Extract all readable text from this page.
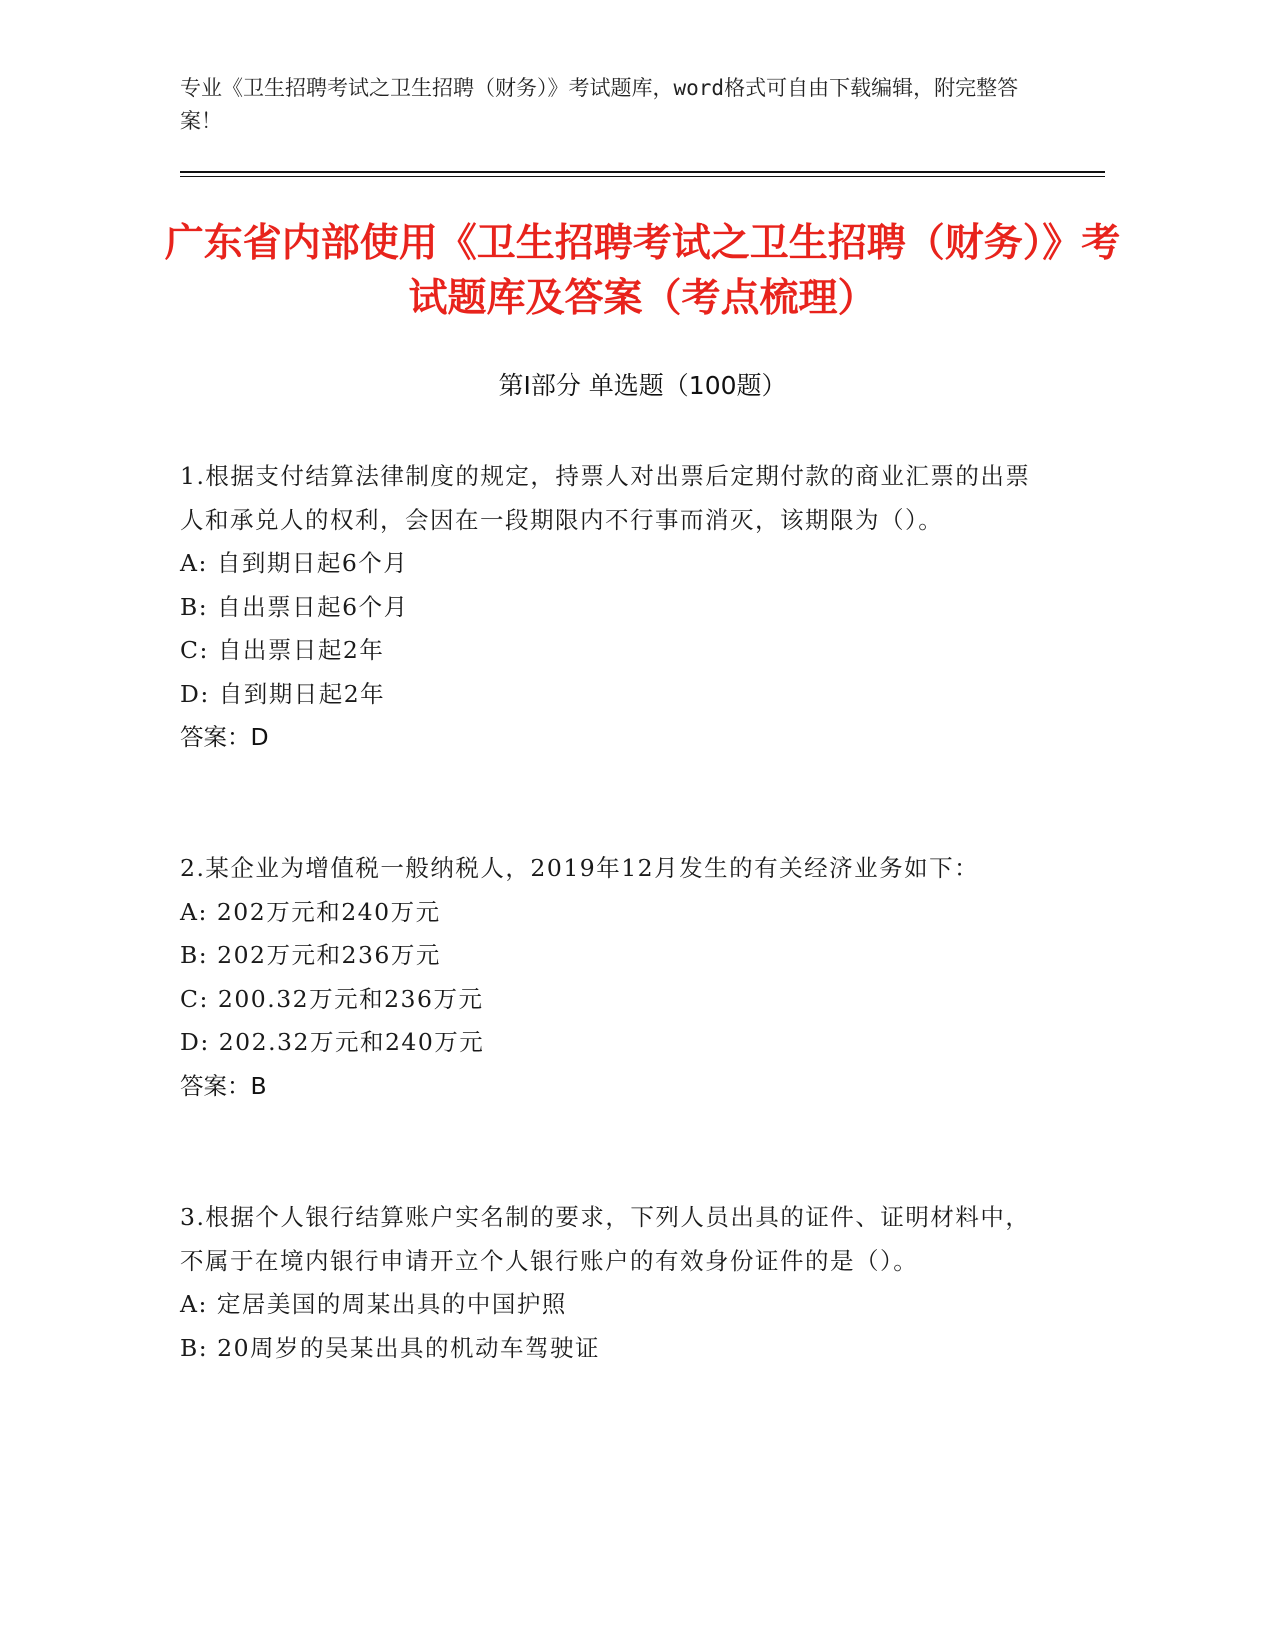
专业《卫生招聘考试之卫生招聘（财务）》考试题库，word格式可自由下载编辑，附完整答案！
广东省内部使用《卫生招聘考试之卫生招聘（财务）》考试题库及答案（考点梳理）
第Ⅰ部分 单选题（100题）
1.根据支付结算法律制度的规定，持票人对出票后定期付款的商业汇票的出票人和承兑人的权利，会因在一段期限内不行事而消灭，该期限为（）。
A: 自到期日起6个月
B: 自出票日起6个月
C: 自出票日起2年
D: 自到期日起2年
答案：D
2.某企业为增值税一般纳税人，2019年12月发生的有关经济业务如下：
A: 202万元和240万元
B: 202万元和236万元
C: 200.32万元和236万元
D: 202.32万元和240万元
答案：B
3.根据个人银行结算账户实名制的要求，下列人员出具的证件、证明材料中，不属于在境内银行申请开立个人银行账户的有效身份证件的是（）。
A: 定居美国的周某出具的中国护照
B: 20周岁的吴某出具的机动车驾驶证
